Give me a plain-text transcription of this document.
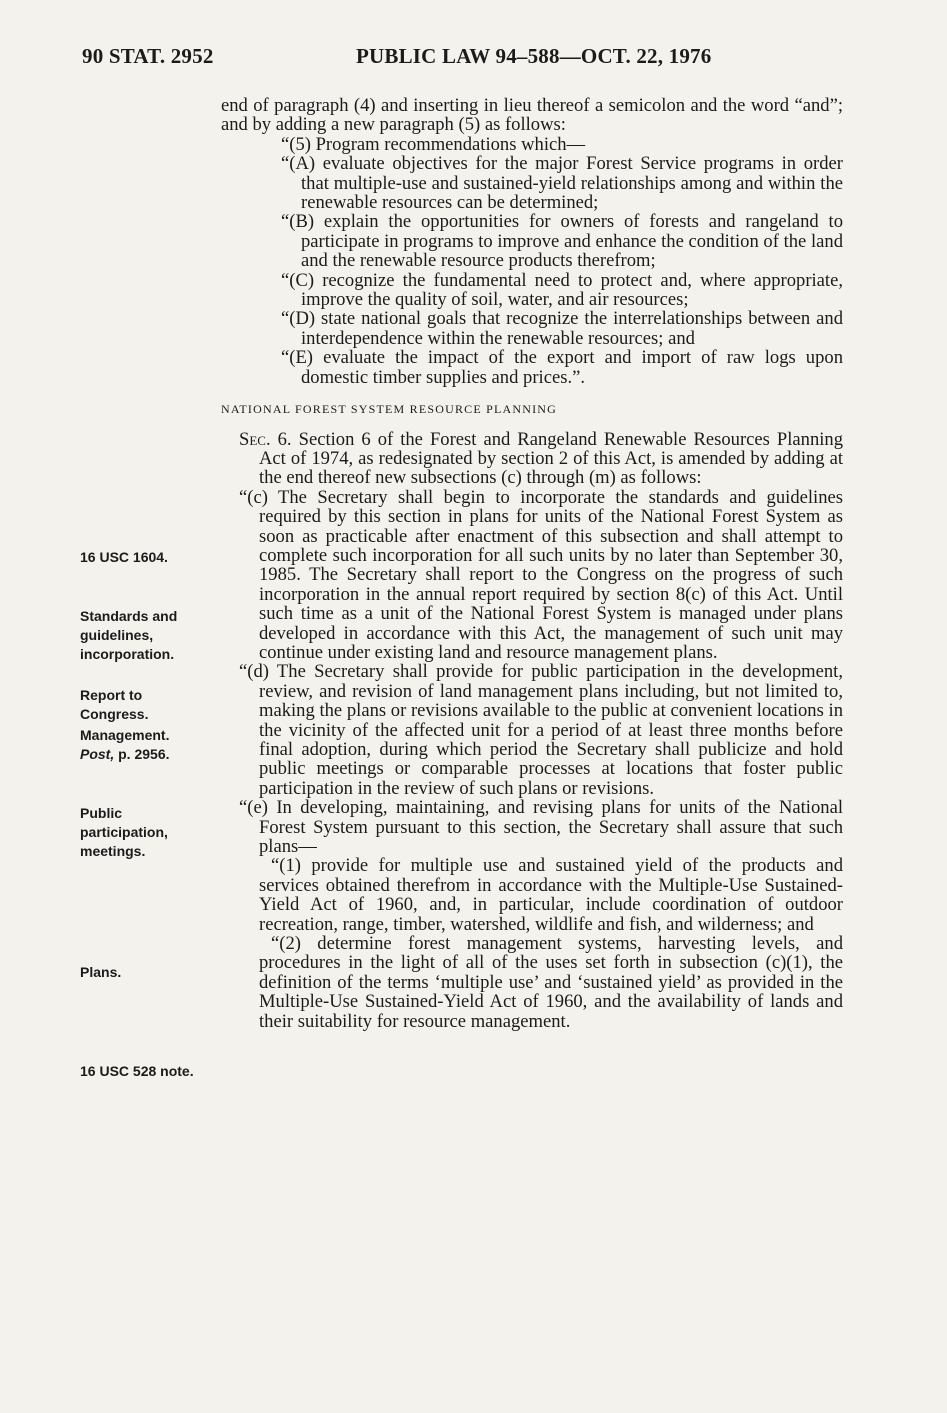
90 STAT. 2952	PUBLIC LAW 94–588—OCT. 22, 1976

end of paragraph (4) and inserting in lieu thereof a semicolon and the word “and”; and by adding a new paragraph (5) as follows:

“(5) Program recommendations which—

“(A) evaluate objectives for the major Forest Service programs in order that multiple-use and sustained-yield relationships among and within the renewable resources can be determined;

“(B) explain the opportunities for owners of forests and rangeland to participate in programs to improve and enhance the condition of the land and the renewable resource products therefrom;

“(C) recognize the fundamental need to protect and, where appropriate, improve the quality of soil, water, and air resources;

“(D) state national goals that recognize the interrelationships between and interdependence within the renewable resources; and

“(E) evaluate the impact of the export and import of raw logs upon domestic timber supplies and prices.”.

NATIONAL FOREST SYSTEM RESOURCE PLANNING

Sec. 6. Section 6 of the Forest and Rangeland Renewable Resources Planning Act of 1974, as redesignated by section 2 of this Act, is amended by adding at the end thereof new subsections (c) through (m) as follows:

“(c) The Secretary shall begin to incorporate the standards and guidelines required by this section in plans for units of the National Forest System as soon as practicable after enactment of this subsection and shall attempt to complete such incorporation for all such units by no later than September 30, 1985. The Secretary shall report to the Congress on the progress of such incorporation in the annual report required by section 8(c) of this Act. Until such time as a unit of the National Forest System is managed under plans developed in accordance with this Act, the management of such unit may continue under existing land and resource management plans.

“(d) The Secretary shall provide for public participation in the development, review, and revision of land management plans including, but not limited to, making the plans or revisions available to the public at convenient locations in the vicinity of the affected unit for a period of at least three months before final adoption, during which period the Secretary shall publicize and hold public meetings or comparable processes at locations that foster public participation in the review of such plans or revisions.

“(e) In developing, maintaining, and revising plans for units of the National Forest System pursuant to this section, the Secretary shall assure that such plans—

“(1) provide for multiple use and sustained yield of the products and services obtained therefrom in accordance with the Multiple-Use Sustained-Yield Act of 1960, and, in particular, include coordination of outdoor recreation, range, timber, watershed, wildlife and fish, and wilderness; and

“(2) determine forest management systems, harvesting levels, and procedures in the light of all of the uses set forth in subsection (c)(1), the definition of the terms ‘multiple use’ and ‘sustained yield’ as provided in the Multiple-Use Sustained-Yield Act of 1960, and the availability of lands and their suitability for resource management.

16 USC 1604.
Standards and
guidelines,
incorporation.
Report to
Congress.
Management.
Post, p. 2956.
Public
participation,
meetings.
Plans.
16 USC 528 note.
